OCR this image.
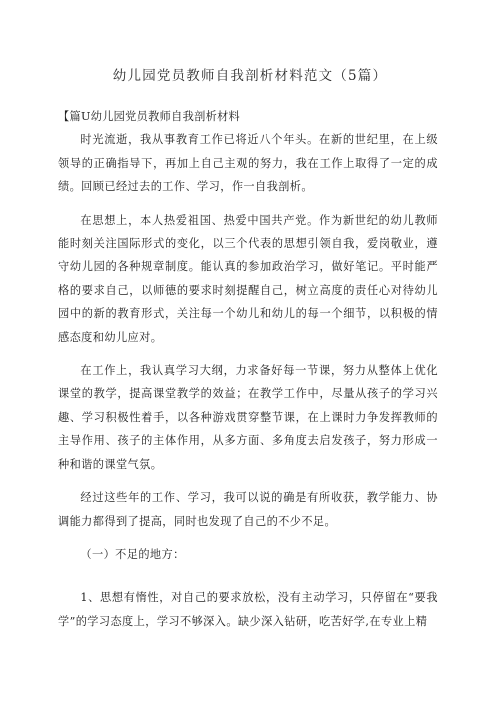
幼儿园党员教师自我剖析材料范文（5篇）

【篇U幼儿园党员教师自我剖析材料

时光流逝，我从事教育工作已将近八个年头。在新的世纪里，在上级领导的正确指导下，再加上自己主观的努力，我在工作上取得了一定的成绩。回顾已经过去的工作、学习，作一自我剖析。

在思想上，本人热爱祖国、热爱中国共产党。作为新世纪的幼儿教师能时刻关注国际形式的变化，以三个代表的思想引领自我，爱岗敬业，遵守幼儿园的各种规章制度。能认真的参加政治学习，做好笔记。平时能严格的要求自己，以师德的要求时刻提醒自己，树立高度的责任心对待幼儿园中的新的教育形式，关注每一个幼儿和幼儿的每一个细节，以积极的情感态度和幼儿应对。

在工作上，我认真学习大纲，力求备好每一节课，努力从整体上优化课堂的教学，提高课堂教学的效益；在教学工作中，尽量从孩子的学习兴趣、学习积极性着手，以各种游戏贯穿整节课，在上课时力争发挥教师的主导作用、孩子的主体作用，从多方面、多角度去启发孩子，努力形成一种和谐的课堂气氛。

经过这些年的工作、学习，我可以说的确是有所收获，教学能力、协调能力都得到了提高，同时也发现了自己的不少不足。

（一）不足的地方：

1、思想有惰性，对自己的要求放松，没有主动学习，只停留在“要我学”的学习态度上，学习不够深入。缺少深入钻研，吃苦好学,在专业上精
